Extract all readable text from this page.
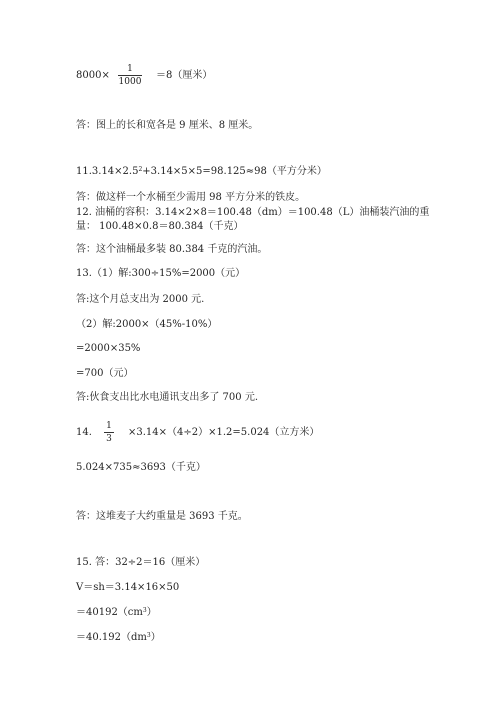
8000×
1
1000
＝8（厘米）
答：图上的长和宽各是 9 厘米、8 厘米。
$11.3.14\times 2.5^2+3.14\times 5\times 5=98.125\approx 98$（平方分米）
答：做这样一个水桶至少需用 98 平方分米的铁皮。
12. 油桶的容积：3.14×2×8＝100.48（dm）＝100.48（L）油桶装汽油的重
量： 100.48×0.8＝80.384（千克）
答：这个油桶最多装 80.384 千克的汽油。
13.（1）解:300÷15%=2000（元）
答:这个月总支出为 2000 元.
（2）解:2000×（45%-10%）
=2000×35%
=700（元）
答:伙食支出比水电通讯支出多了 700 元.
14.
1
3
×3.14×（4÷2）×1.2=5.024（立方米）
5.024×735≈3693（千克）
答：这堆麦子大约重量是 3693 千克。
15. 答：32÷2＝16（厘米）
V＝sh＝3.14×16×50
$=40192(cm^3)$
$=40.192(dm^3)$
